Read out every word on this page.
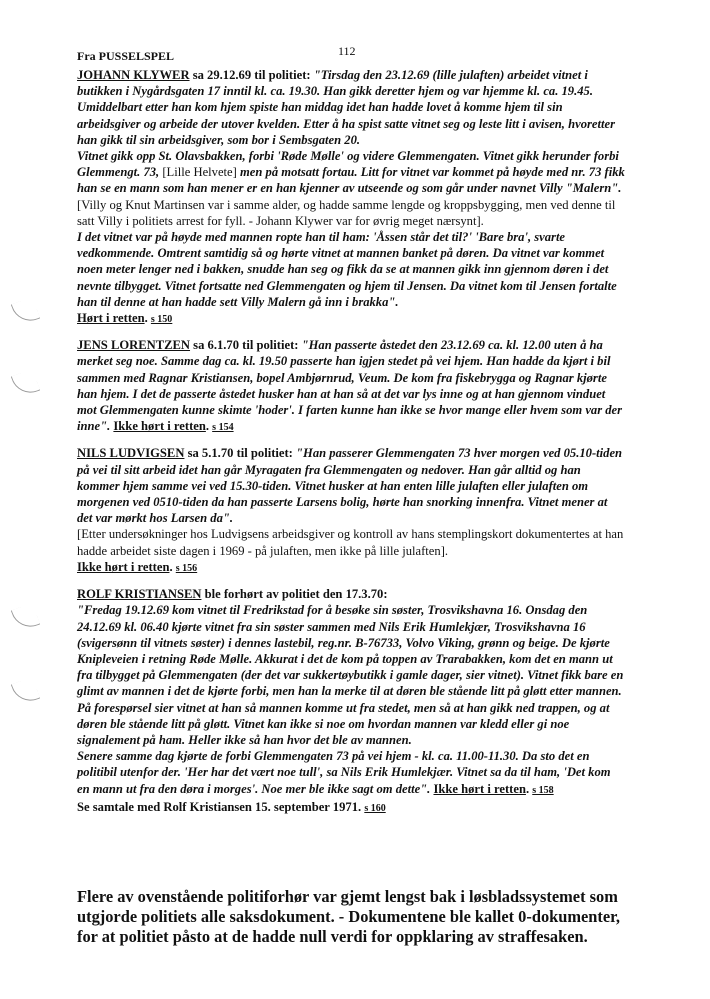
Fra PUSSELSPEL	112

JOHANN KLYWER sa 29.12.69 til politiet: "Tirsdag den 23.12.69 (lille julaften) arbeidet vitnet i butikken i Nygårdsgaten 17 inntil kl. ca. 19.30. Han gikk deretter hjem og var hjemme kl. ca. 19.45. Umiddelbart etter han kom hjem spiste han middag idet han hadde lovet å komme hjem til sin arbeidsgiver og arbeide der utover kvelden. Etter å ha spist satte vitnet seg og leste litt i avisen, hvoretter han gikk til sin arbeidsgiver, som bor i Sembsgaten 20.

Vitnet gikk opp St. Olavsbakken, forbi 'Røde Mølle' og videre Glemmengaten. Vitnet gikk herunder forbi Glemmengt. 73, [Lille Helvete] men på motsatt fortau. Litt for vitnet var kommet på høyde med nr. 73 fikk han se en mann som han mener er en han kjenner av utseende og som går under navnet Villy "Malern".

[Villy og Knut Martinsen var i samme alder, og hadde samme lengde og kroppsbygging, men ved denne til satt Villy i politiets arrest for fyll. - Johann Klywer var for øvrig meget nærsynt].

I det vitnet var på høyde med mannen ropte han til ham: 'Åssen står det til?' 'Bare bra', svarte vedkommende. Omtrent samtidig så og hørte vitnet at mannen banket på døren. Da vitnet var kommet noen meter lenger ned i bakken, snudde han seg og fikk da se at mannen gikk inn gjennom døren i det nevnte tilbygget. Vitnet fortsatte ned Glemmengaten og hjem til Jensen. Da vitnet kom til Jensen fortalte han til denne at han hadde sett Villy Malern gå inn i brakka".

Hørt i retten. s 150

JENS LORENTZEN sa 6.1.70 til politiet: "Han passerte åstedet den 23.12.69 ca. kl. 12.00 uten å ha merket seg noe. Samme dag ca. kl. 19.50 passerte han igjen stedet på vei hjem. Han hadde da kjørt i bil sammen med Ragnar Kristiansen, bopel Ambjørnrud, Veum. De kom fra fiskebrygga og Ragnar kjørte han hjem. I det de passerte åstedet husker han at han så at det var lys inne og at han gjennom vinduet mot Glemmengaten kunne skimte 'hoder'. I farten kunne han ikke se hvor mange eller hvem som var der inne". Ikke hørt i retten. s 154

NILS LUDVIGSEN sa 5.1.70 til politiet: "Han passerer Glemmengaten 73 hver morgen ved 05.10-tiden på vei til sitt arbeid idet han går Myragaten fra Glemmengaten og nedover. Han går alltid og han kommer hjem samme vei ved 15.30-tiden. Vitnet husker at han enten lille julaften eller julaften om morgenen ved 0510-tiden da han passerte Larsens bolig, hørte han snorking innenfra. Vitnet mener at det var mørkt hos Larsen da".

[Etter undersøkninger hos Ludvigsens arbeidsgiver og kontroll av hans stemplingskort dokumentertes at han hadde arbeidet siste dagen i 1969 - på julaften, men ikke på lille julaften].

Ikke hørt i retten. s 156

ROLF KRISTIANSEN ble forhørt av politiet den 17.3.70:

"Fredag 19.12.69 kom vitnet til Fredrikstad for å besøke sin søster, Trosvikshavna 16. Onsdag den 24.12.69 kl. 06.40 kjørte vitnet fra sin søster sammen med Nils Erik Humlekjær, Trosvikshavna 16 (svigersønn til vitnets søster) i dennes lastebil, reg.nr. B-76733, Volvo Viking, grønn og beige. De kjørte Knipleveien i retning Røde Mølle. Akkurat i det de kom på toppen av Trarabakken, kom det en mann ut fra tilbygget på Glemmengaten (der det var sukkertøybutikk i gamle dager, sier vitnet). Vitnet fikk bare en glimt av mannen i det de kjørte forbi, men han la merke til at døren ble stående litt på gløtt etter mannen. På forespørsel sier vitnet at han så mannen komme ut fra stedet, men så at han gikk ned trappen, og at døren ble stående litt på gløtt. Vitnet kan ikke si noe om hvordan mannen var kledd eller gi noe signalement på ham. Heller ikke så han hvor det ble av mannen.

Senere samme dag kjørte de forbi Glemmengaten 73 på vei hjem - kl. ca. 11.00-11.30. Da sto det en politibil utenfor der. 'Her har det vært noe tull', sa Nils Erik Humlekjær. Vitnet sa da til ham, 'Det kom en mann ut fra den døra i morges'. Noe mer ble ikke sagt om dette". Ikke hørt i retten. s 158

Se samtale med Rolf Kristiansen 15. september 1971. s 160

Flere av ovenstående politiforhør var gjemt lengst bak i løsbladssystemet som utgjorde politiets alle saksdokument. - Dokumentene ble kallet 0-dokumenter, for at politiet påsto at de hadde null verdi for oppklaring av straffesaken.
